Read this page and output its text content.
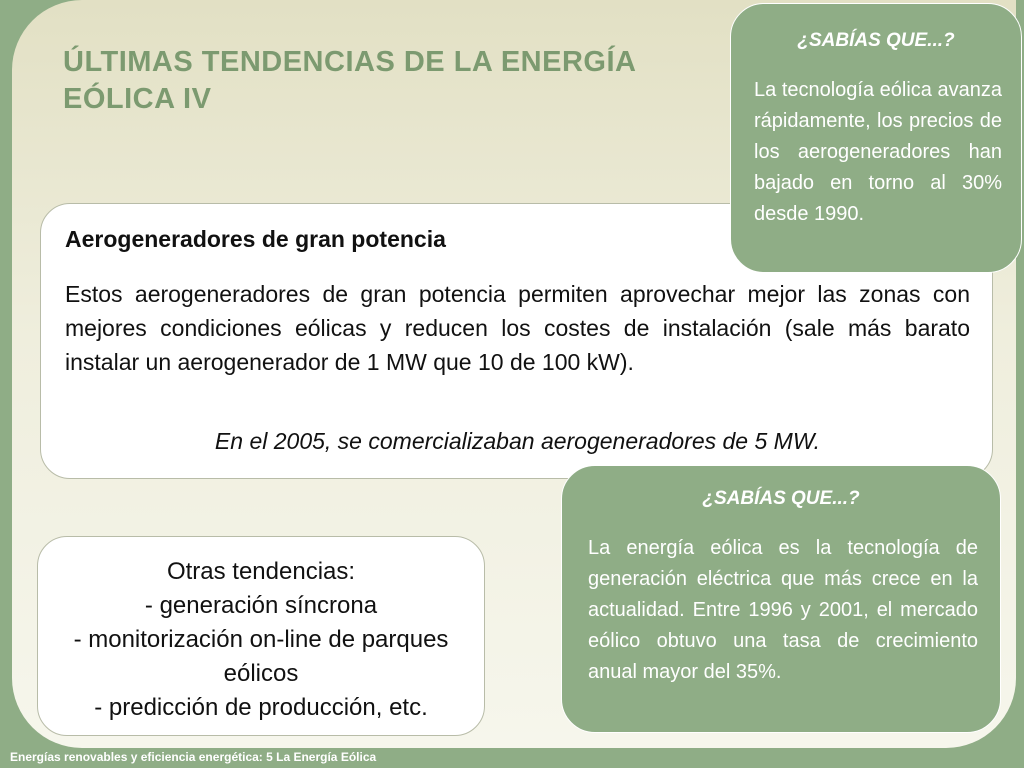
ÚLTIMAS TENDENCIAS DE LA ENERGÍA EÓLICA IV
Aerogeneradores de gran potencia
Estos aerogeneradores de gran potencia permiten aprovechar mejor las zonas con mejores condiciones eólicas y reducen los costes de instalación (sale más barato instalar un aerogenerador de 1 MW que 10 de 100 kW).
En el 2005, se comercializaban aerogeneradores de 5 MW.
¿SABÍAS QUE...?
La tecnología eólica avanza rápidamente, los precios de los aerogeneradores han bajado en torno al 30% desde 1990.
Otras tendencias:
- generación síncrona
- monitorización on-line de parques eólicos
- predicción de producción, etc.
¿SABÍAS QUE...?
La energía eólica es la tecnología de generación eléctrica que más crece en la actualidad. Entre 1996 y 2001, el mercado eólico obtuvo una tasa de crecimiento anual mayor del 35%.
Energías renovables y eficiencia energética: 5 La Energía Eólica
